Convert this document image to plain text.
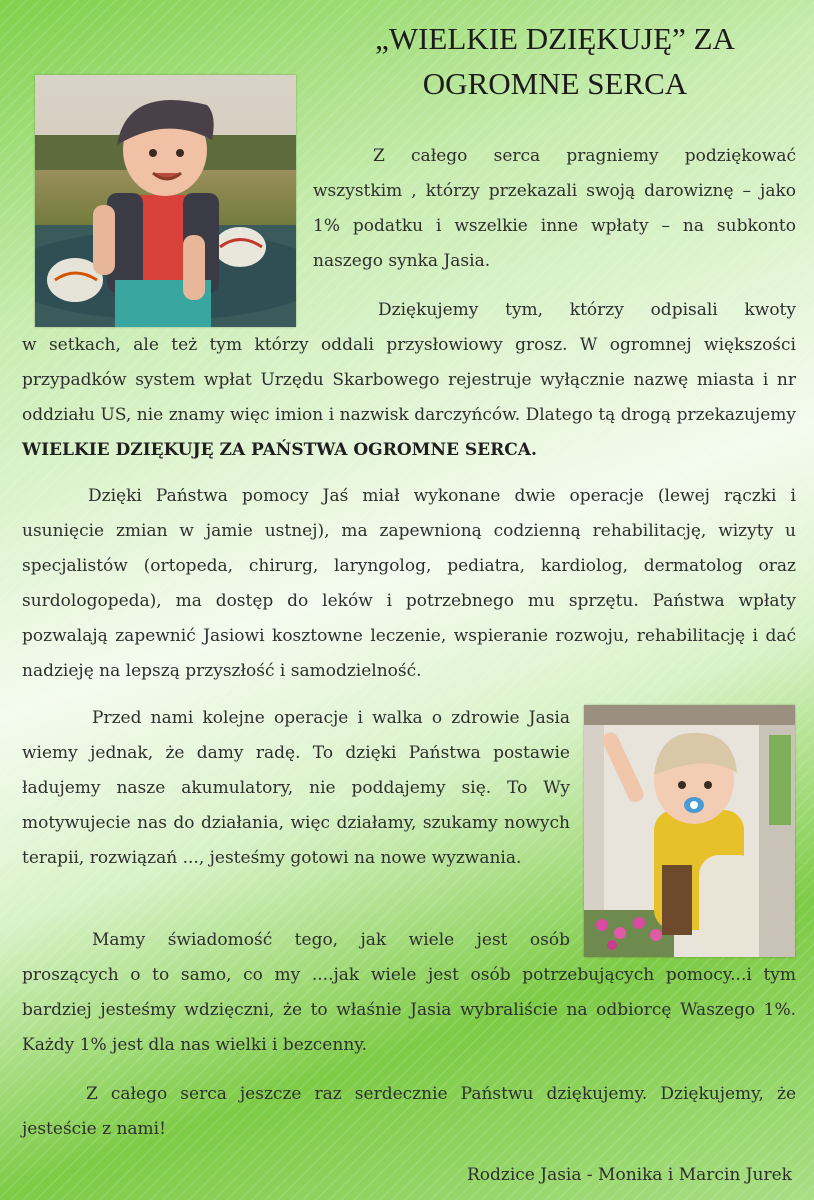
„WIELKIE DZIĘKUJĘ” ZA
OGROMNE SERCA

Z całego serca pragniemy podziękować wszystkim , którzy przekazali swoją darowiznę – jako 1% podatku i wszelkie inne wpłaty – na subkonto naszego synka Jasia.

Dziękujemy tym, którzy odpisali kwoty

w setkach, ale też tym którzy oddali przysłowiowy grosz. W ogromnej większości przypadków system wpłat Urzędu Skarbowego rejestruje wyłącznie nazwę miasta i nr oddziału US, nie znamy więc imion i nazwisk darczyńców. Dlatego tą drogą przekazujemy WIELKIE DZIĘKUJĘ ZA PAŃSTWA OGROMNE SERCA.

Dzięki Państwa pomocy Jaś miał wykonane dwie operacje (lewej rączki i usunięcie zmian w jamie ustnej), ma zapewnioną codzienną rehabilitację, wizyty u specjalistów (ortopeda, chirurg, laryngolog, pediatra, kardiolog, dermatolog oraz surdologopeda), ma dostęp do leków i potrzebnego mu sprzętu. Państwa wpłaty pozwalają zapewnić Jasiowi kosztowne leczenie, wspieranie rozwoju, rehabilitację i dać nadzieję na lepszą przyszłość i samodzielność.

Przed nami kolejne operacje i walka o zdrowie Jasia wiemy jednak, że damy radę. To dzięki Państwa postawie ładujemy nasze akumulatory, nie poddajemy się. To Wy motywujecie nas do działania, więc działamy, szukamy nowych terapii, rozwiązań ..., jesteśmy gotowi na nowe wyzwania.

Mamy świadomość tego, jak wiele jest osób

proszących o to samo, co my ....jak wiele jest osób potrzebujących pomocy...i tym bardziej jesteśmy wdzięczni, że to właśnie Jasia wybraliście na odbiorcę Waszego 1%. Każdy 1% jest dla nas wielki i bezcenny.

Z całego serca jeszcze raz serdecznie Państwu dziękujemy. Dziękujemy, że jesteście z nami!

Rodzice Jasia - Monika i Marcin Jurek
